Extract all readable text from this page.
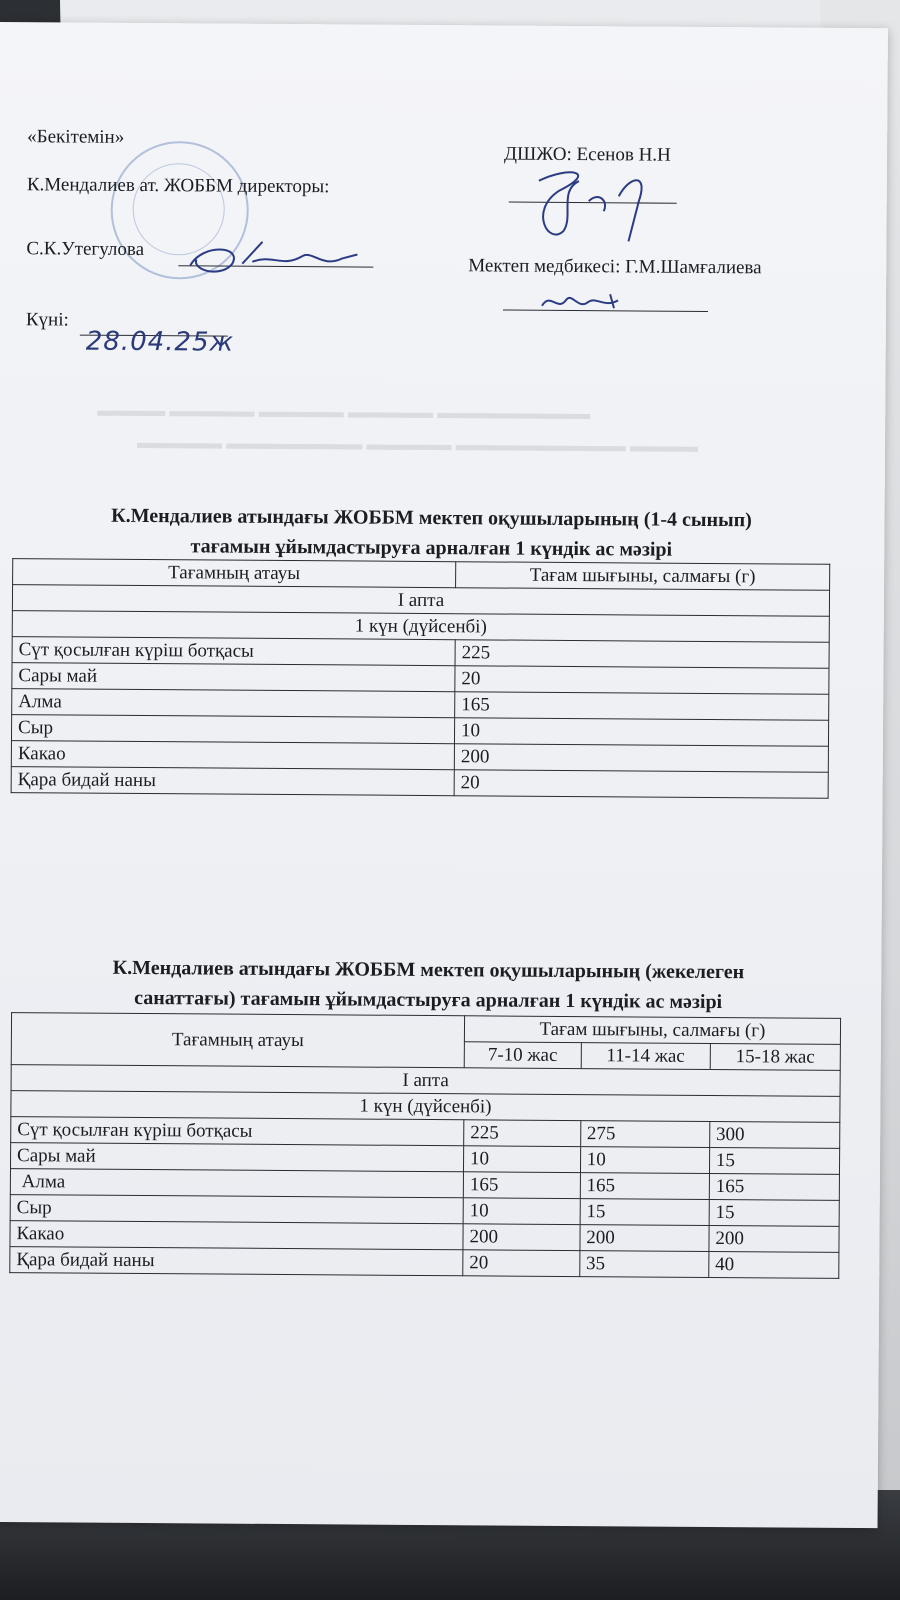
▬▬▬▬ ▬▬▬▬▬ ▬▬▬▬▬ ▬▬▬▬▬ ▬▬▬▬▬▬▬▬▬
▬▬▬▬▬ ▬▬▬▬▬▬▬▬ ▬▬▬▬▬ ▬▬▬▬▬▬▬▬▬▬ ▬▬▬▬
«Бекітемін»
К.Мендалиев ат. ЖОББМ директоры:
С.К.Утегулова
Күні:
28.04.25ж
ДШЖО: Есенов Н.Н
Мектеп медбикесі: Г.М.Шамғалиева
К.Мендалиев атындағы ЖОББМ мектеп оқушыларының (1-4 сынып)
тағамын ұйымдастыруға арналған 1 күндік ас мәзірі
Тағамның атауы	Тағам шығыны, салмағы (г)
I апта	
1 күн (дүйсенбі)	
Сүт қосылған күріш ботқасы	225
Сары май	20
Алма	165
Сыр	10
Какао	200
Қара бидай наны	20
К.Мендалиев атындағы ЖОББМ мектеп оқушыларының (жекелеген
санаттағы) тағамын ұйымдастыруға арналған 1 күндік ас мәзірі
Тағамның атауы	Тағам шығыны, салмағы (г)		
	7-10 жас	11-14 жас	15-18 жас
I апта			
1 күн (дүйсенбі)			
Сүт қосылған күріш ботқасы	225	275	300
Сары май	10	10	15
Алма	165	165	165
Сыр	10	15	15
Какао	200	200	200
Қара бидай наны	20	35	40
